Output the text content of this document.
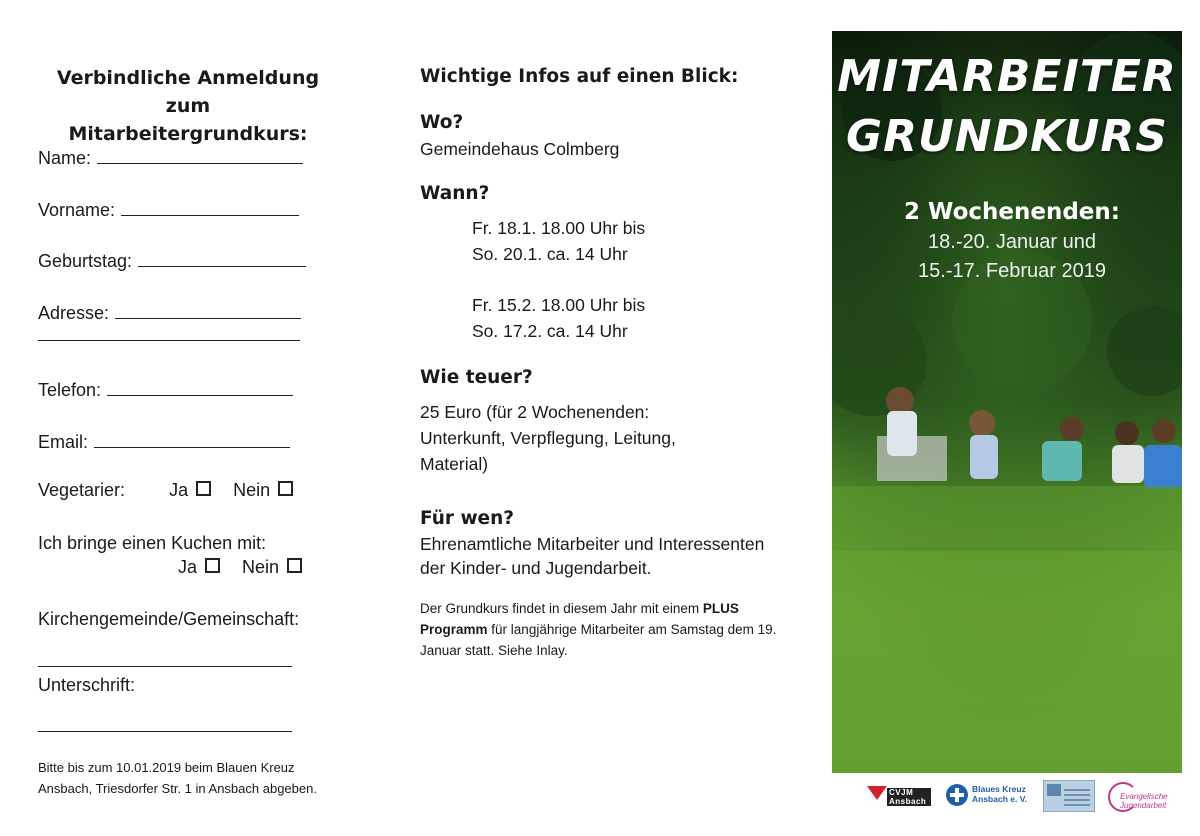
Verbindliche Anmeldung zum
Mitarbeitergrundkurs:
Name:
Vorname:
Geburtstag:
Adresse:
Telefon:
Email:
Vegetarier: Ja	Nein
Ich bringe einen Kuchen mit:
Ja	Nein
Kirchengemeinde/Gemeinschaft:
Unterschrift:
Bitte bis zum 10.01.2019 beim Blauen Kreuz
Ansbach, Triesdorfer Str. 1 in Ansbach abgeben.
Wichtige Infos auf einen Blick:
Wo?
Gemeindehaus Colmberg
Wann?
Fr. 18.1. 18.00 Uhr bis
So. 20.1. ca. 14 Uhr
Fr. 15.2. 18.00 Uhr bis
So. 17.2. ca. 14 Uhr
Wie teuer?
25 Euro (für 2 Wochenenden:
Unterkunft, Verpflegung, Leitung,
Material)
Für wen?
Ehrenamtliche Mitarbeiter und Interessenten
der Kinder- und Jugendarbeit.
Der Grundkurs findet in diesem Jahr mit einem PLUS Programm für langjährige Mitarbeiter am Samstag dem 19. Januar statt. Siehe Inlay.
MITARBEITER
GRUNDKURS
2 Wochenenden:
18.-20. Januar und
15.-17. Februar 2019
CVJM Ansbach
Blaues Kreuz
Ansbach e. V.	Evangelische
Jugendarbeit
